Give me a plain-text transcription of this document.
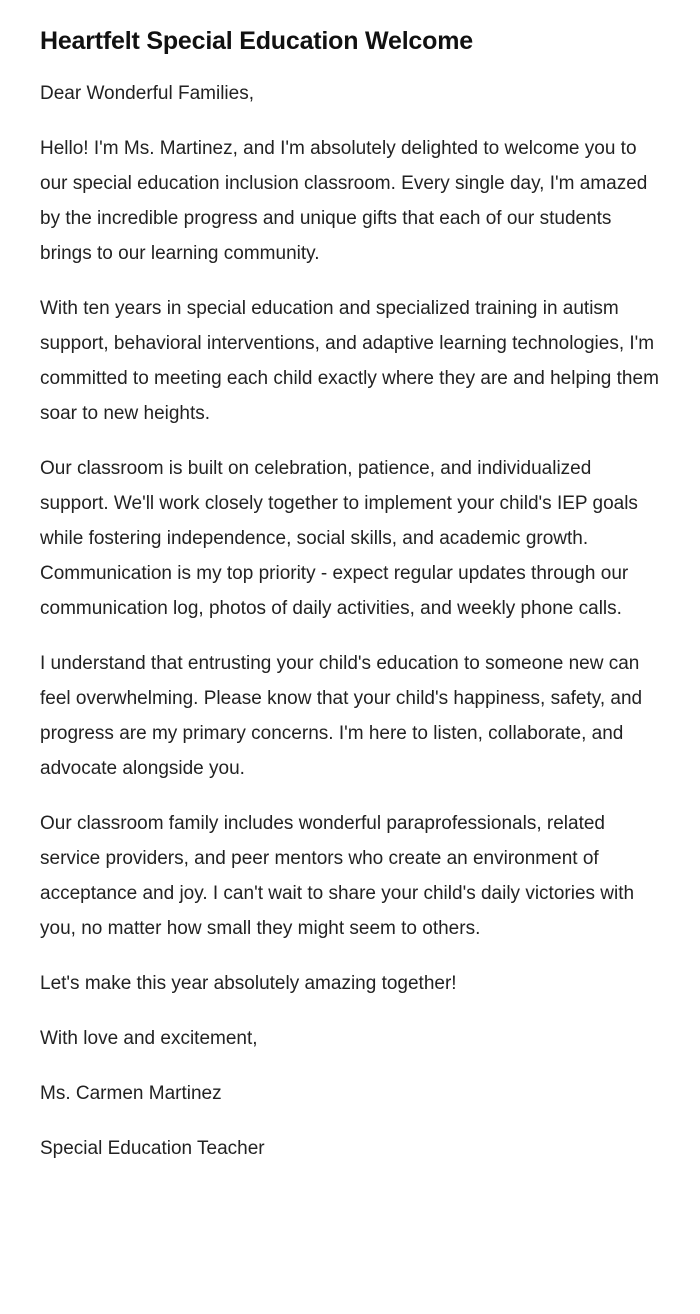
Heartfelt Special Education Welcome

Dear Wonderful Families,

Hello! I'm Ms. Martinez, and I'm absolutely delighted to welcome you to our special education inclusion classroom. Every single day, I'm amazed by the incredible progress and unique gifts that each of our students brings to our learning community.

With ten years in special education and specialized training in autism support, behavioral interventions, and adaptive learning technologies, I'm committed to meeting each child exactly where they are and helping them soar to new heights.

Our classroom is built on celebration, patience, and individualized support. We'll work closely together to implement your child's IEP goals while fostering independence, social skills, and academic growth. Communication is my top priority - expect regular updates through our communication log, photos of daily activities, and weekly phone calls.

I understand that entrusting your child's education to someone new can feel overwhelming. Please know that your child's happiness, safety, and progress are my primary concerns. I'm here to listen, collaborate, and advocate alongside you.

Our classroom family includes wonderful paraprofessionals, related service providers, and peer mentors who create an environment of acceptance and joy. I can't wait to share your child's daily victories with you, no matter how small they might seem to others.

Let's make this year absolutely amazing together!

With love and excitement,

Ms. Carmen Martinez

Special Education Teacher
